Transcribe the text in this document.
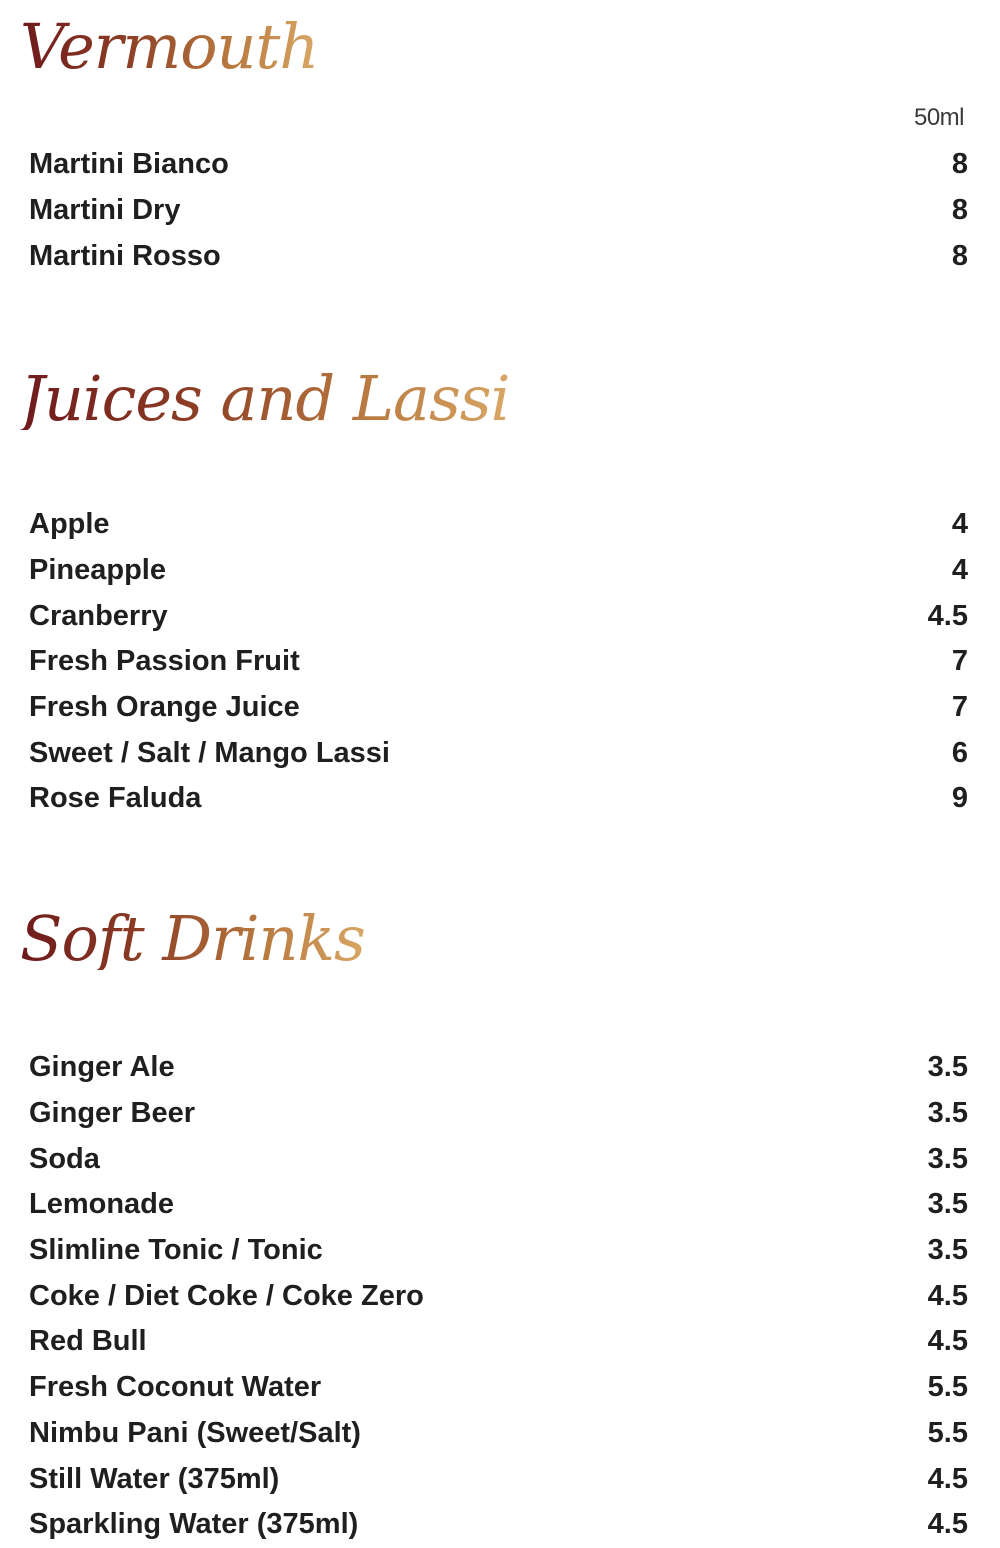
Vermouth
50ml
Martini Bianco	8
Martini Dry	8
Martini Rosso	8
Juices and Lassi
Apple	4
Pineapple	4
Cranberry	4.5
Fresh Passion Fruit	7
Fresh Orange Juice	7
Sweet / Salt / Mango Lassi	6
Rose Faluda	9
Soft Drinks
Ginger Ale	3.5
Ginger Beer	3.5
Soda	3.5
Lemonade	3.5
Slimline Tonic / Tonic	3.5
Coke / Diet Coke / Coke Zero	4.5
Red Bull	4.5
Fresh Coconut Water	5.5
Nimbu Pani (Sweet/Salt)	5.5
Still Water (375ml)	4.5
Sparkling Water (375ml)	4.5
